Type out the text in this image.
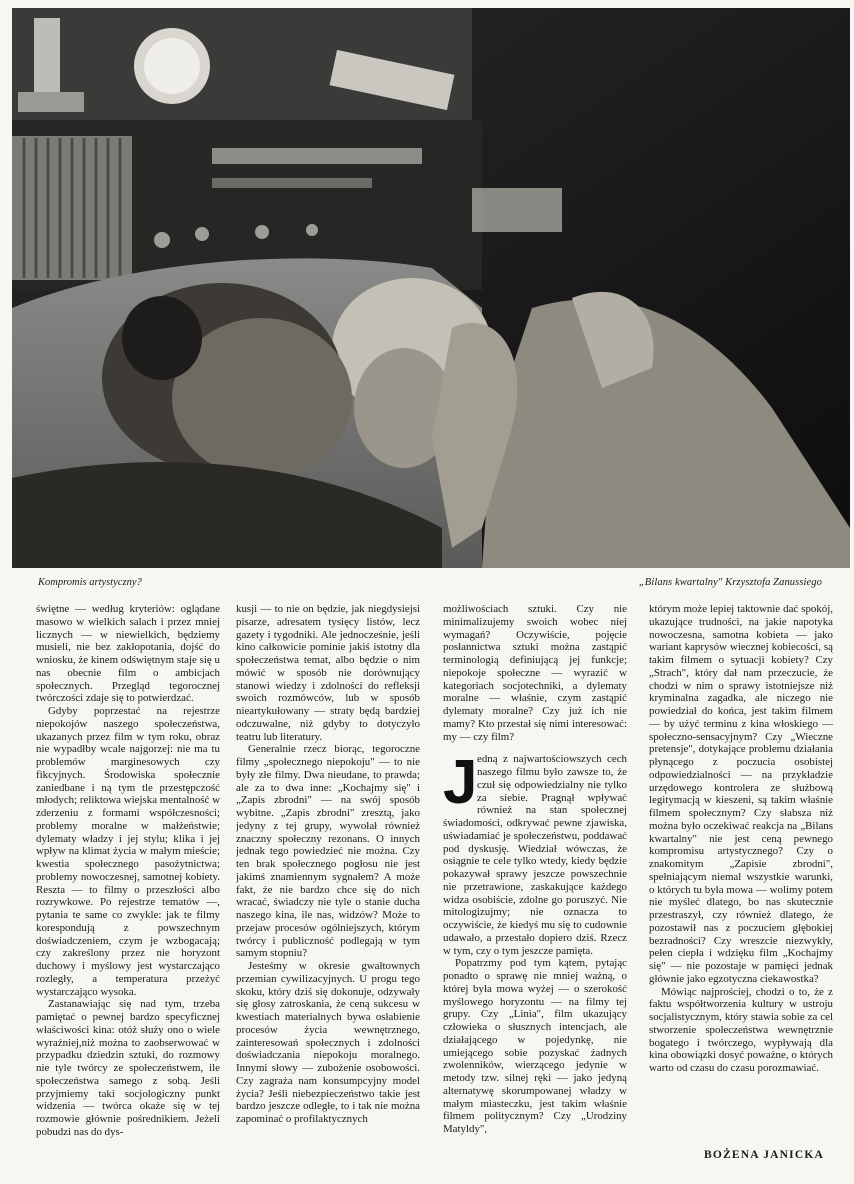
Kompromis artystyczny?	„Bilans kwartalny" Krzysztofa Zanussiego

świętne — według kryteriów: oglądane masowo w wielkich salach i przez mniej licznych — w niewielkich, będziemy musieli, nie bez zakłopotania, dojść do wniosku, że kinem odświętnym staje się u nas obecnie film o ambicjach społecznych. Przegląd tegorocznej twórczości zdaje się to potwierdzać.

Gdyby poprzestać na rejestrze niepokojów naszego społeczeństwa, ukazanych przez film w tym roku, obraz nie wypadłby wcale najgorzej: nie ma tu problemów marginesowych czy fikcyjnych. Środowiska społecznie zaniedbane i ną tym tle przestępczość młodych; reliktowa wiejska mentalność w zderzeniu z formami współczesności; problemy moralne w małżeństwie; dylematy władzy i jej stylu; klika i jej wpływ na klimat życia w małym mieście; kwestia społecznego pasożytnictwa; problemy nowoczesnej, samotnej kobiety. Reszta — to filmy o przeszłości albo rozrywkowe. Po rejestrze tematów —, pytania te same co zwykle: jak te filmy korespondują z powszechnym doświadczeniem, czym je wzbogacają; czy zakreślony przez nie horyzont duchowy i myślowy jest wystarczająco rozległy, a temperatura przeżyć wystarczająco wysoka.

Zastanawiając się nad tym, trzeba pamiętać o pewnej bardzo specyficznej właściwości kina: otóż służy ono o wiele wyraźniej,niż można to zaobserwować w przypadku dziedzin sztuki, do rozmowy nie tyle twórcy ze społeczeństwem, ile społeczeństwa samego z sobą. Jeśli przyjmiemy taki socjologiczny punkt widzenia — twórca okaże się w tej rozmowie głównie pośrednikiem. Jeżeli pobudzi nas do dys-

kusji — to nie on będzie, jak niegdysiejsi pisarze, adresatem tysięcy listów, lecz gazety i tygodniki. Ale jednocześnie, jeśli kino całkowicie pominie jakiś istotny dla społeczeństwa temat, albo będzie o nim mówić w sposób nie dorównujący stanowi wiedzy i zdolności do refleksji swoich rozmówców, lub w sposób nieartykułowany — straty będą bardziej odczuwalne, niż gdyby to dotyczyło teatru lub literatury.

Generalnie rzecz biorąc, tegoroczne filmy „społecznego niepokoju" — to nie były złe filmy. Dwa nieudane, to prawda; ale za to dwa inne: „Kochajmy się" i „Zapis zbrodni" — na swój sposób wybitne. „Zapis zbrodni" zresztą, jako jedyny z tej grupy, wywołał również znaczny społeczny rezonans. O innych jednak tego powiedzieć nie można. Czy ten brak społecznego pogłosu nie jest jakimś znamiennym sygnałem? A może fakt, że nie bardzo chce się do nich wracać, świadczy nie tyle o stanie ducha naszego kina, ile nas, widzów? Może to przejaw procesów ogólniejszych, którym twórcy i publiczność podlegają w tym samym stopniu?

Jesteśmy w okresie gwałtownych przemian cywilizacyjnych. U progu tego skoku, który dziś się dokonuje, odzywały się głosy zatroskania, że ceną sukcesu w kwestiach materialnych bywa osłabienie procesów życia wewnętrznego, zainteresowań społecznych i zdolności doświadczania niepokoju moralnego. Innymi słowy — zubożenie osobowości. Czy zagraża nam konsumpcyjny model życia? Jeśli niebezpieczeństwo takie jest bardzo jeszcze odległe, to i tak nie można zapominać o profilaktycznych

możliwościach sztuki. Czy nie minimalizujemy swoich wobec niej wymagań? Oczywiście, pojęcie posłannictwa sztuki można zastąpić terminologią definiującą jej funkcje; niepokoje społeczne — wyrazić w kategoriach socjotechniki, a dylematy moralne — właśnie, czym zastąpić dylematy moralne? Czy już ich nie mamy? Kto przestał się nimi interesować: my — czy film?

Jedną z najwartościowszych cech naszego filmu było zawsze to, że czuł się odpowiedzialny nie tylko za siebie. Pragnął wpływać również na stan społecznej świadomości, odkrywać pewne zjawiska, uświadamiać je społeczeństwu, poddawać pod dyskusję. Wiedział wówczas, że osiągnie te cele tylko wtedy, kiedy będzie pokazywał sprawy jeszcze powszechnie nie przetrawione, zaskakujące każdego widza osobiście, zdolne go poruszyć. Nie mitologizujmy; nie oznacza to oczywiście, że kiedyś mu się to cudownie udawało, a przestało dopiero dziś. Rzecz w tym, czy o tym jeszcze pamięta.

Popatrzmy pod tym kątem, pytając ponadto o sprawę nie mniej ważną, o której była mowa wyżej — o szerokość myślowego horyzontu — na filmy tej grupy. Czy „Linia", film ukazujący człowieka o słusznych intencjach, ale działającego w pojedynkę, nie umiejącego sobie pozyskać żadnych zwolenników, wierzącego jedynie w metody tzw. silnej ręki — jako jedyną alternatywę skorumpowanej władzy w małym miasteczku, jest takim właśnie filmem politycznym? Czy „Urodziny Matyldy",

którym może lepiej taktownie dać spokój, ukazujące trudności, na jakie napotyka nowoczesna, samotna kobieta — jako wariant kaprysów wiecznej kobiecości, są takim filmem o sytuacji kobiety? Czy „Strach", który dał nam przeczucie, że chodzi w nim o sprawy istotniejsze niż kryminalna zagadka, ale niczego nie powiedział do końca, jest takim filmem — by użyć terminu z kina włoskiego — społeczno-sensacyjnym? Czy „Wieczne pretensje", dotykające problemu działania płynącego z poczucia osobistej odpowiedzialności — na przykładzie urzędowego kontrolera ze służbową legitymacją w kieszeni, są takim właśnie filmem społecznym? Czy słabsza niż można było oczekiwać reakcja na „Bilans kwartalny" nie jest ceną pewnego kompromisu artystycznego? Czy o znakomitym „Zapisie zbrodni", spełniającym niemal wszystkie warunki, o których tu była mowa — wolimy potem nie myśleć dlatego, bo nas skutecznie przestraszył, czy również dlatego, że pozostawił nas z poczuciem głębokiej bezradności? Czy wreszcie niezwykły, pełen ciepła i wdzięku film „Kochajmy się" — nie pozostaje w pamięci jednak głównie jako egzotyczna ciekawostka?

Mówiąc najprościej, chodzi o to, że z faktu współtworzenia kultury w ustroju socjalistycznym, który stawia sobie za cel stworzenie społeczeństwa wewnętrznie bogatego i twórczego, wypływają dla kina obowiązki dosyć poważne, o których warto od czasu do czasu porozmawiać.

BOŻENA JANICKA
